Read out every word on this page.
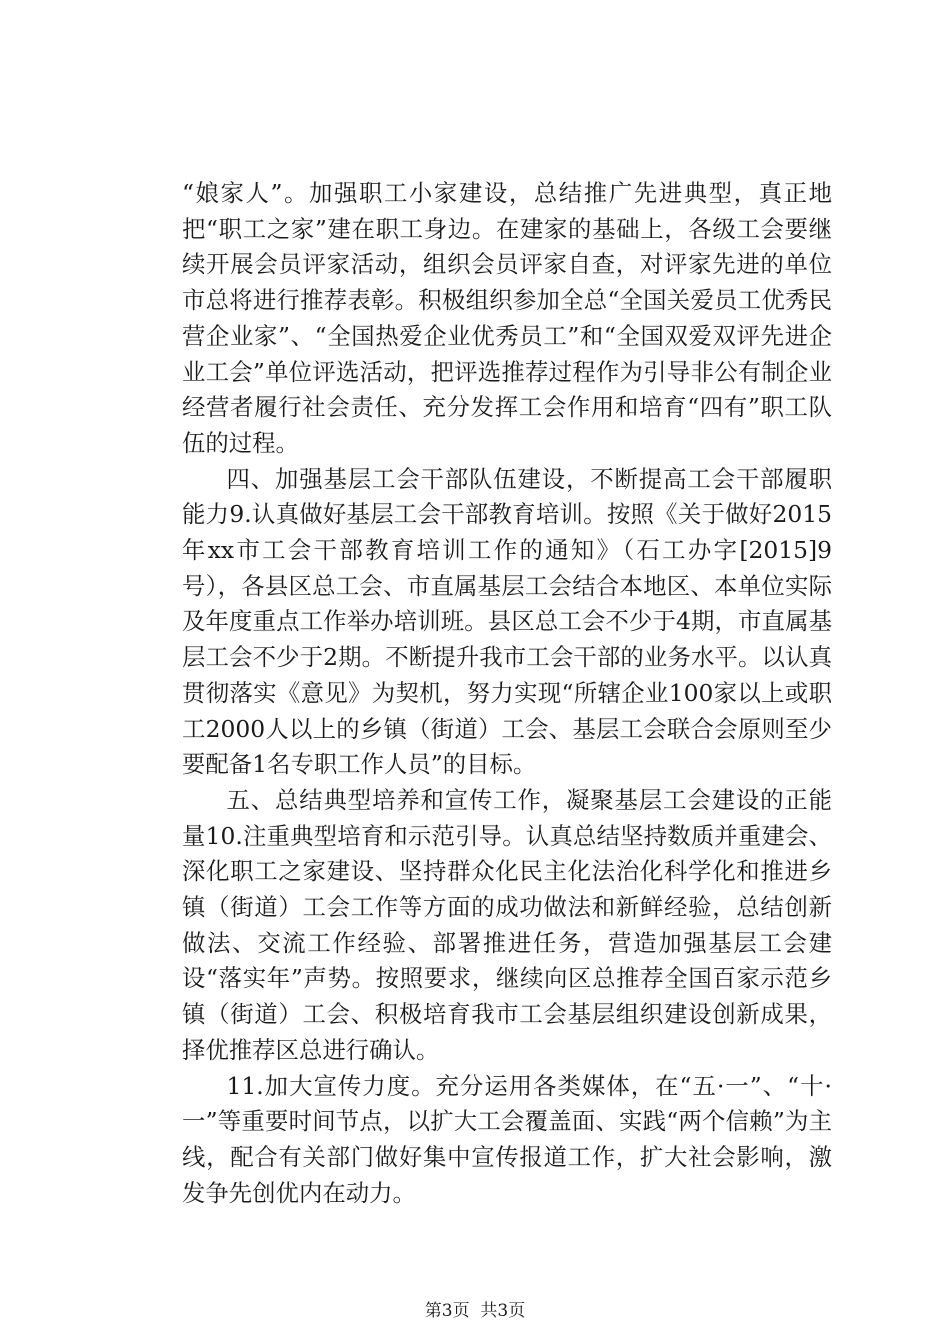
“娘家人”。加强职工小家建设，总结推广先进典型，真正地把“职工之家”建在职工身边。在建家的基础上，各级工会要继续开展会员评家活动，组织会员评家自查，对评家先进的单位市总将进行推荐表彰。积极组织参加全总“全国关爱员工优秀民营企业家”、“全国热爱企业优秀员工”和“全国双爱双评先进企业工会”单位评选活动，把评选推荐过程作为引导非公有制企业经营者履行社会责任、充分发挥工会作用和培育“四有”职工队伍的过程。

四、加强基层工会干部队伍建设，不断提高工会干部履职能力9.认真做好基层工会干部教育培训。按照《关于做好2015年xx市工会干部教育培训工作的通知》（石工办字[2015]9号），各县区总工会、市直属基层工会结合本地区、本单位实际及年度重点工作举办培训班。县区总工会不少于4期，市直属基层工会不少于2期。不断提升我市工会干部的业务水平。以认真贯彻落实《意见》为契机，努力实现“所辖企业100家以上或职工2000人以上的乡镇（街道）工会、基层工会联合会原则至少要配备1名专职工作人员”的目标。

五、总结典型培养和宣传工作，凝聚基层工会建设的正能量10.注重典型培育和示范引导。认真总结坚持数质并重建会、深化职工之家建设、坚持群众化民主化法治化科学化和推进乡镇（街道）工会工作等方面的成功做法和新鲜经验，总结创新做法、交流工作经验、部署推进任务，营造加强基层工会建设“落实年”声势。按照要求，继续向区总推荐全国百家示范乡镇（街道）工会、积极培育我市工会基层组织建设创新成果，择优推荐区总进行确认。

11.加大宣传力度。充分运用各类媒体，在“五·一”、“十·一”等重要时间节点，以扩大工会覆盖面、实践“两个信赖”为主线，配合有关部门做好集中宣传报道工作，扩大社会影响，激发争先创优内在动力。

第3页  共3页
